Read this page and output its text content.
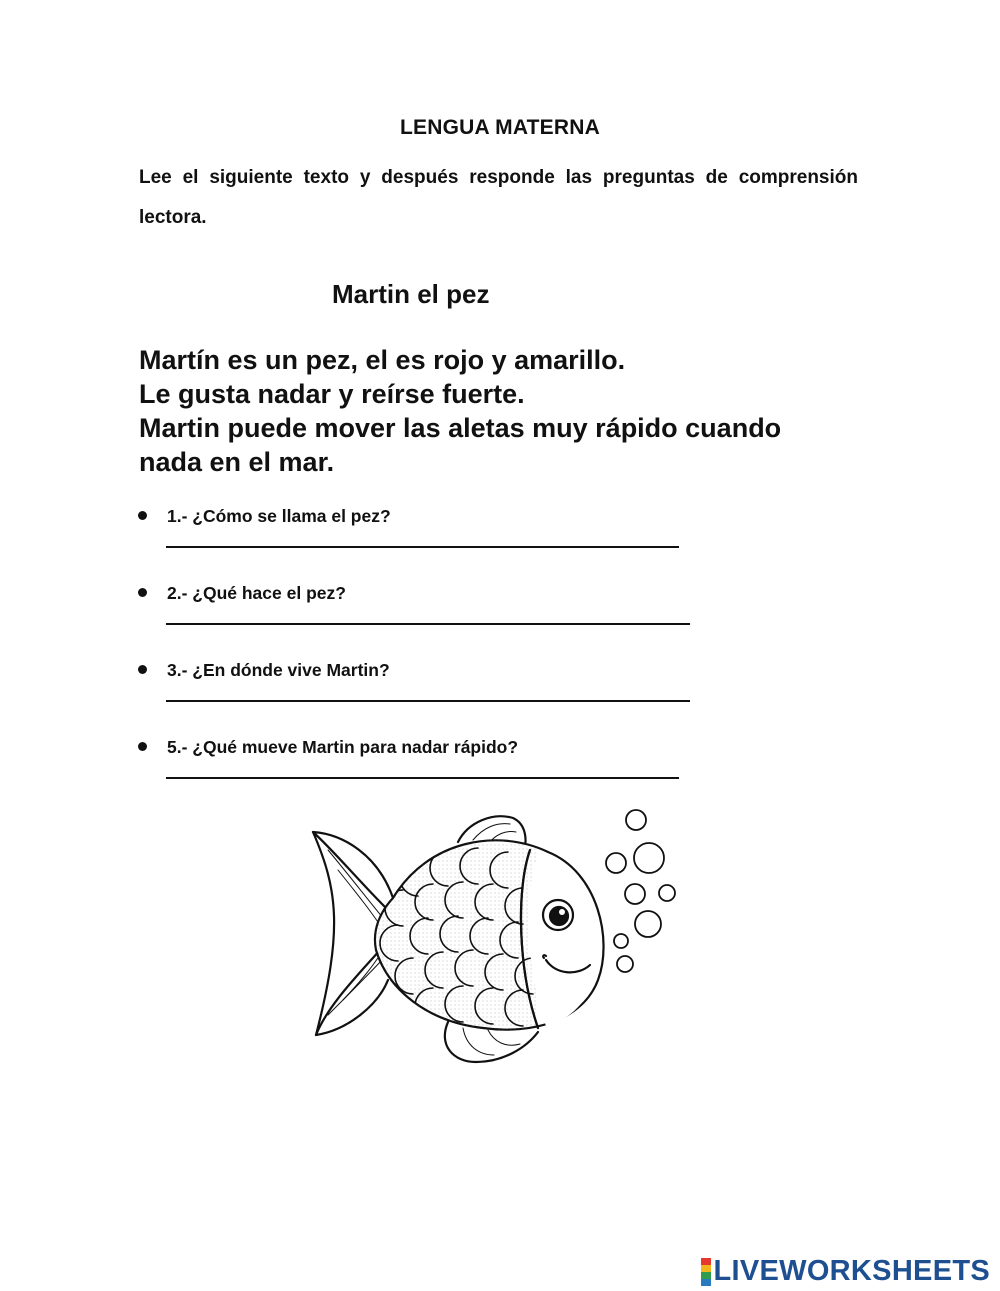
LENGUA MATERNA
Lee el siguiente texto y después responde las preguntas de comprensión lectora.
Martin el pez
Martín es un pez, el es rojo y amarillo.
Le gusta nadar y reírse fuerte.
Martin puede mover las aletas muy rápido cuando
nada en el mar.
1.- ¿Cómo se llama el pez?
2.- ¿Qué hace el pez?
3.- ¿En dónde vive Martin?
5.- ¿Qué mueve Martin para nadar rápido?
LIVEWORKSHEETS
